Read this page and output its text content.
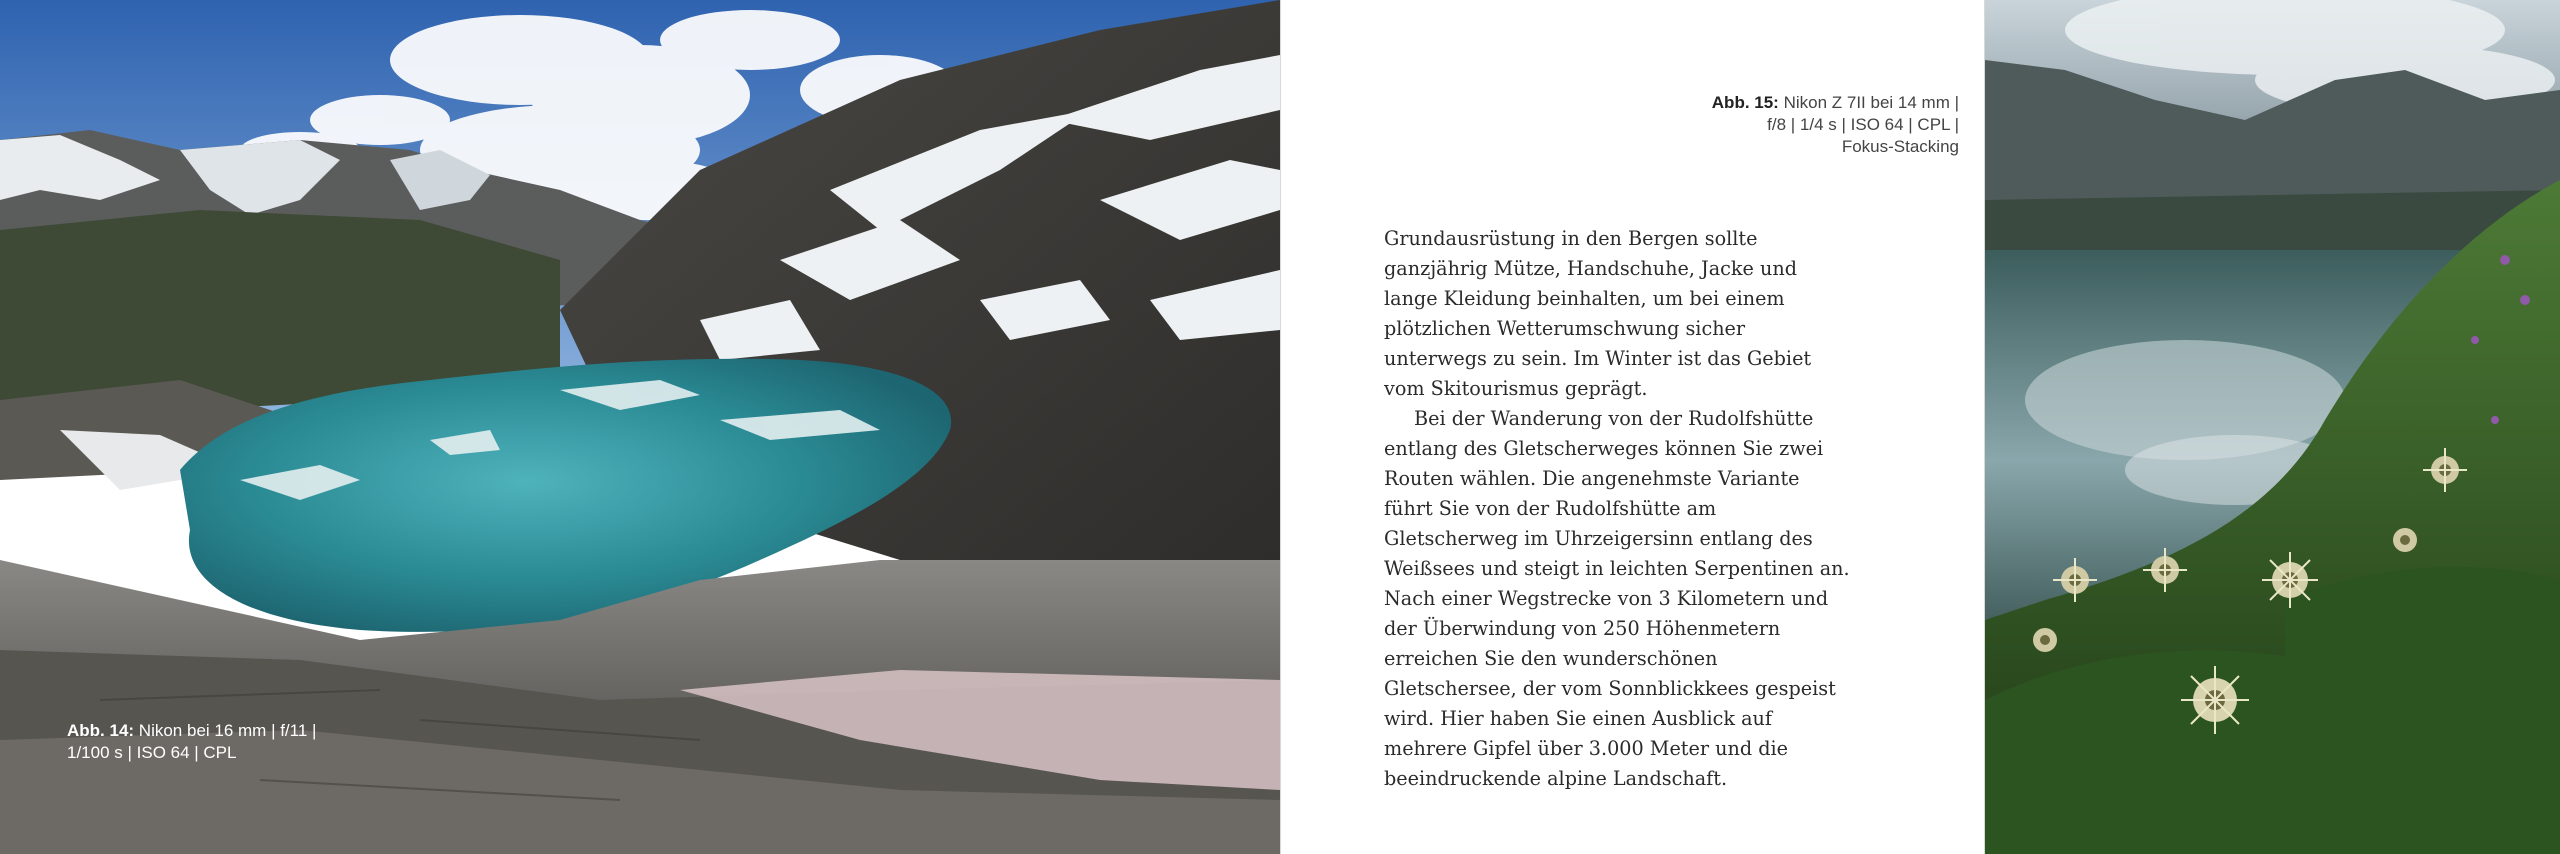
Abb. 14: Nikon bei 16 mm | f/11 |
1/100 s | ISO 64 | CPL
Abb. 15: Nikon Z 7II bei 14 mm |
f/8 | 1/4 s | ISO 64 | CPL |
Fokus-Stacking

Grundausrüstung in den Bergen sollte ganzjährig Mütze, Handschuhe, Jacke und lange Kleidung beinhalten, um bei einem plötzlichen Wetterumschwung sicher unterwegs zu sein. Im Winter ist das Gebiet vom Skitourismus geprägt.

Bei der Wanderung von der Rudolfshütte entlang des Gletscherweges können Sie zwei Routen wählen. Die angenehmste Variante führt Sie von der Rudolfshütte am Gletscherweg im Uhrzeigersinn entlang des Weißsees und steigt in leichten Serpentinen an. Nach einer Wegstrecke von 3 Kilometern und der Überwindung von 250 Höhenmetern erreichen Sie den wunderschönen Gletschersee, der vom Sonnblickkees gespeist wird. Hier haben Sie einen Ausblick auf mehrere Gipfel über 3.000 Meter und die beeindruckende alpine Landschaft.
